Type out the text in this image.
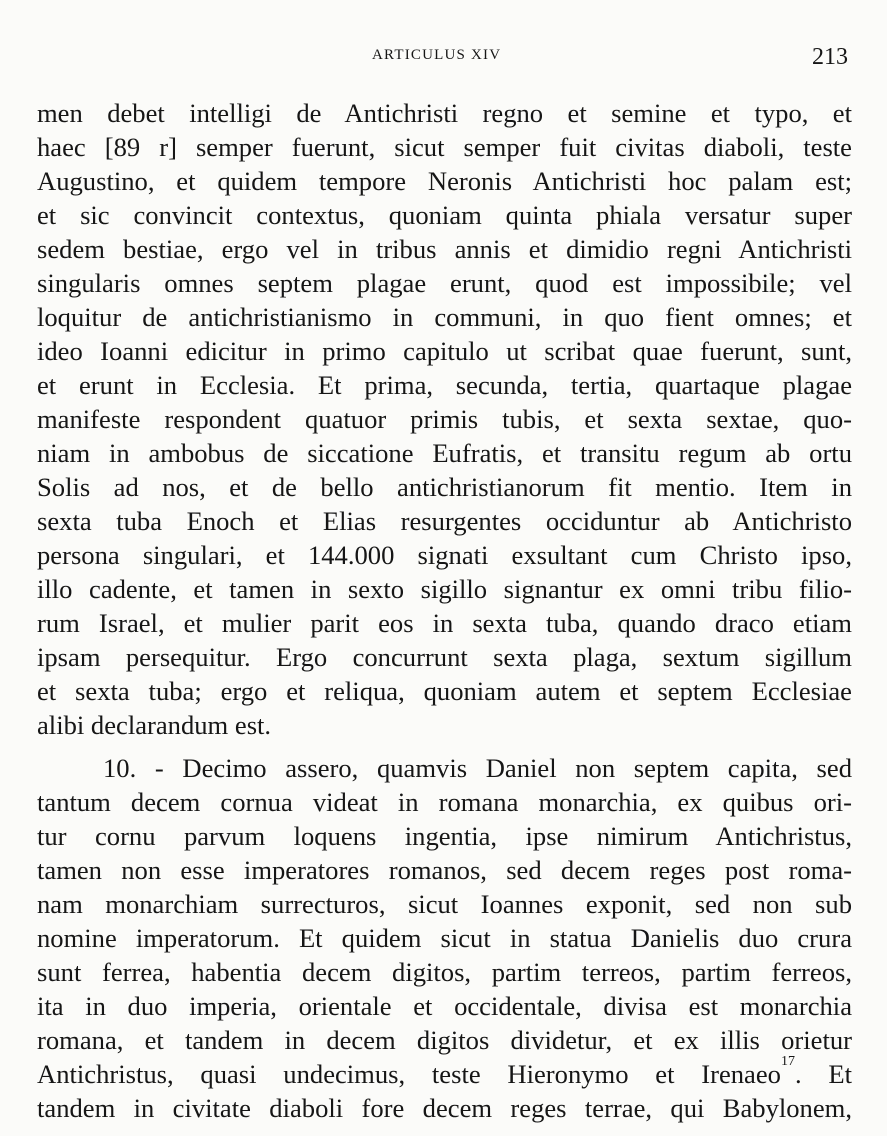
ARTICULUS XIV	213
men debet intelligi de Antichristi regno et semine et typo, et
haec [89 r] semper fuerunt, sicut semper fuit civitas diaboli, teste
Augustino, et quidem tempore Neronis Antichristi hoc palam est;
et sic convincit contextus, quoniam quinta phiala versatur super
sedem bestiae, ergo vel in tribus annis et dimidio regni Antichristi
singularis omnes septem plagae erunt, quod est impossibile; vel
loquitur de antichristianismo in communi, in quo fient omnes; et
ideo Ioanni edicitur in primo capitulo ut scribat quae fuerunt, sunt,
et erunt in Ecclesia. Et prima, secunda, tertia, quartaque plagae
manifeste respondent quatuor primis tubis, et sexta sextae, quo-
niam in ambobus de siccatione Eufratis, et transitu regum ab ortu
Solis ad nos, et de bello antichristianorum fit mentio. Item in
sexta tuba Enoch et Elias resurgentes occiduntur ab Antichristo
persona singulari, et 144.000 signati exsultant cum Christo ipso,
illo cadente, et tamen in sexto sigillo signantur ex omni tribu filio-
rum Israel, et mulier parit eos in sexta tuba, quando draco etiam
ipsam persequitur. Ergo concurrunt sexta plaga, sextum sigillum
et sexta tuba; ergo et reliqua, quoniam autem et septem Ecclesiae
alibi declarandum est.
10. - Decimo assero, quamvis Daniel non septem capita, sed
tantum decem cornua videat in romana monarchia, ex quibus ori-
tur cornu parvum loquens ingentia, ipse nimirum Antichristus,
tamen non esse imperatores romanos, sed decem reges post roma-
nam monarchiam surrecturos, sicut Ioannes exponit, sed non sub
nomine imperatorum. Et quidem sicut in statua Danielis duo crura
sunt ferrea, habentia decem digitos, partim terreos, partim ferreos,
ita in duo imperia, orientale et occidentale, divisa est monarchia
romana, et tandem in decem digitos dividetur, et ex illis orietur
Antichristus, quasi undecimus, teste Hieronymo et Irenaeo$^{17}$. Et
tandem in civitate diaboli fore decem reges terrae, qui Babylonem,
